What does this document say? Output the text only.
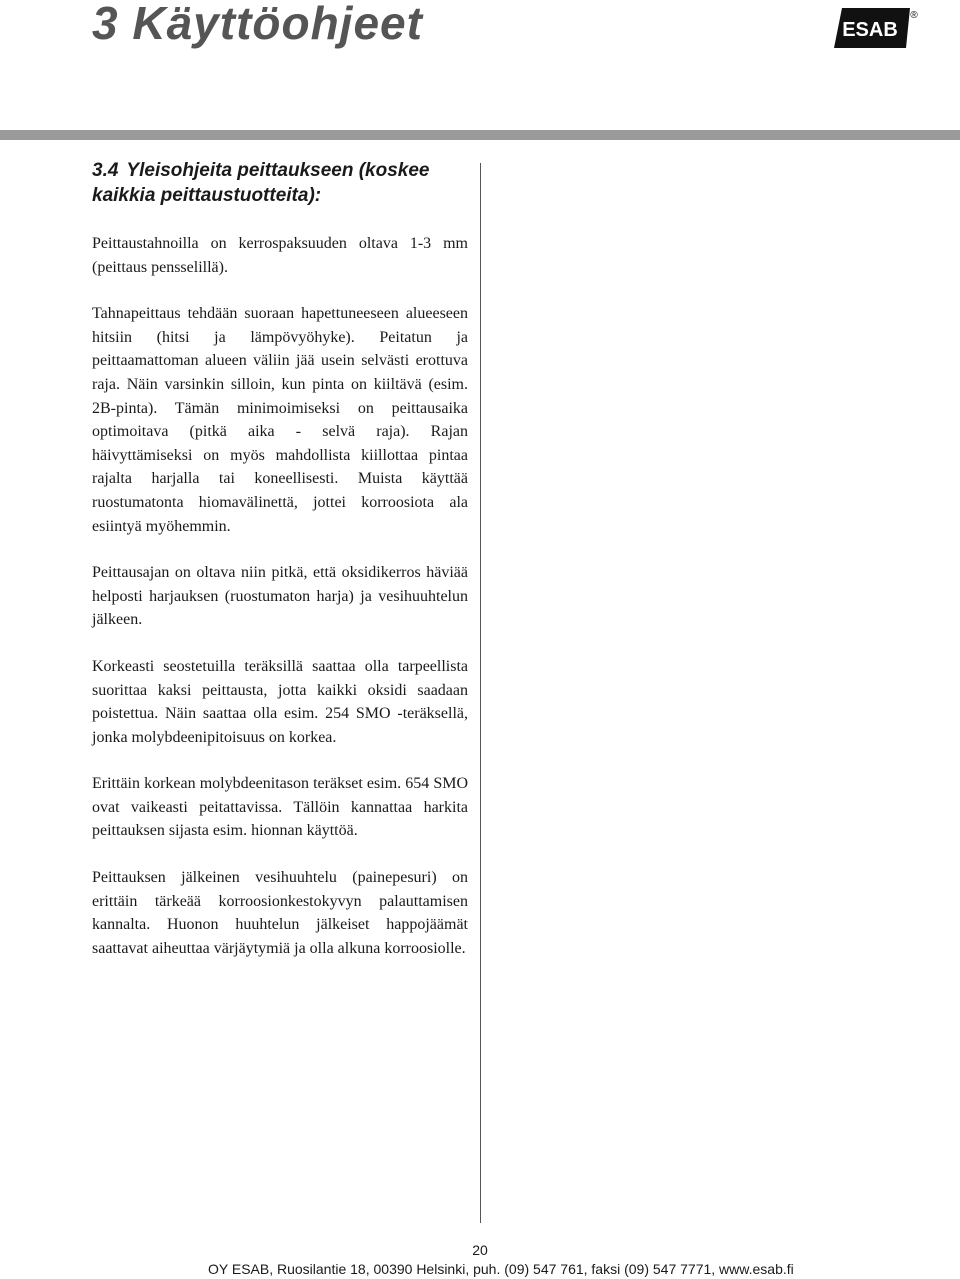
3 Käyttöohjeet	ESAB
®
3.4 Yleisohjeita peittaukseen (koskee kaikkia peittaustuotteita):

Peittaustahnoilla on kerrospaksuuden oltava 1-3 mm (peittaus pensselillä).

Tahnapeittaus tehdään suoraan hapettuneeseen alueeseen hitsiin (hitsi ja lämpövyöhyke). Peitatun ja peittaamattoman alueen väliin jää usein selvästi erottuva raja. Näin varsinkin silloin, kun pinta on kiiltävä (esim. 2B-pinta). Tämän minimoimiseksi on peittausaika optimoitava (pitkä aika - selvä raja). Rajan häivyttämiseksi on myös mahdollista kiillottaa pintaa rajalta harjalla tai koneellisesti. Muista käyttää ruostumatonta hiomavälinettä, jottei korroosiota ala esiintyä myöhemmin.

Peittausajan on oltava niin pitkä, että oksidikerros häviää helposti harjauksen (ruostumaton harja) ja vesihuuhtelun jälkeen.

Korkeasti seostetuilla teräksillä saattaa olla tarpeellista suorittaa kaksi peittausta, jotta kaikki oksidi saadaan poistettua. Näin saattaa olla esim. 254 SMO -teräksellä, jonka molybdeenipitoisuus on korkea.

Erittäin korkean molybdeenitason teräkset esim. 654 SMO ovat vaikeasti peitattavissa. Tällöin kannattaa harkita peittauksen sijasta esim. hionnan käyttöä.

Peittauksen jälkeinen vesihuuhtelu (painepesuri) on erittäin tärkeää korroosionkestokyvyn palauttamisen kannalta. Huonon huuhtelun jälkeiset happojäämät saattavat aiheuttaa värjäytymiä ja olla alkuna korroosiolle.

20
OY ESAB, Ruosilantie 18, 00390 Helsinki, puh. (09) 547 761, faksi (09) 547 7771, www.esab.fi
